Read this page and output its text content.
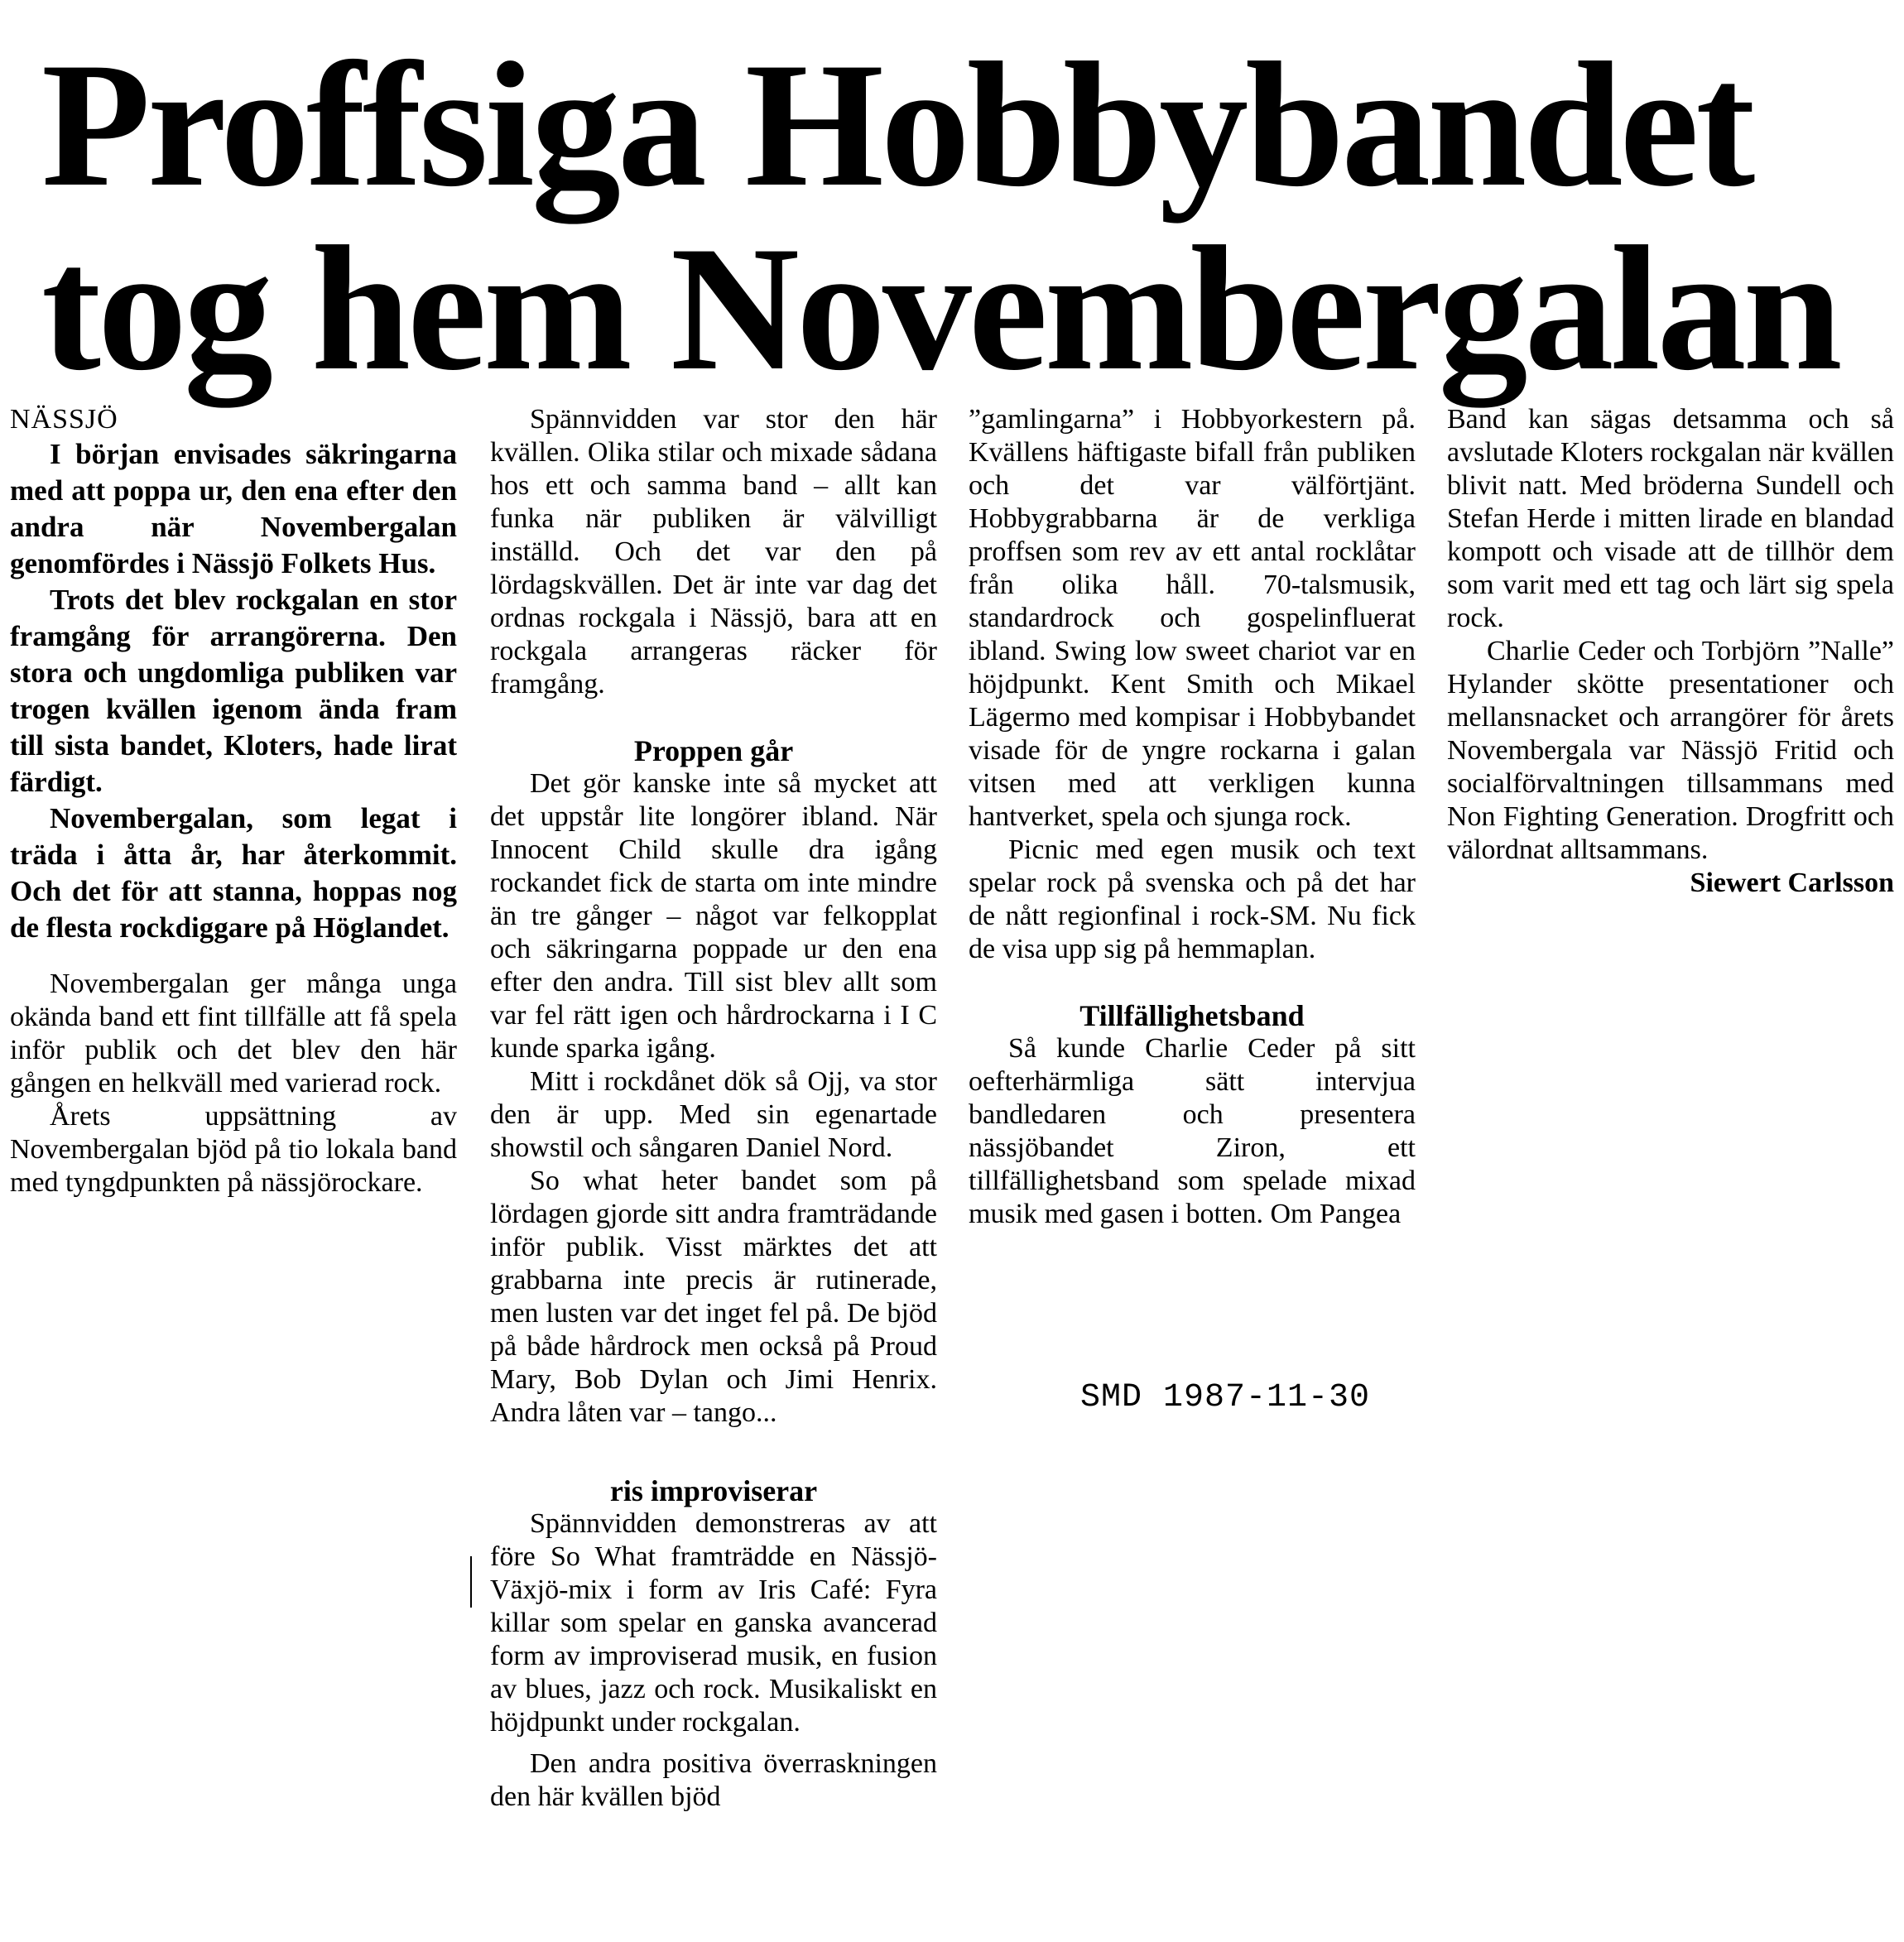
Proffsiga Hobbybandet
tog hem Novembergalan

NÄSSJÖ

I början envisades säkringarna med att poppa ur, den ena efter den andra när Novembergalan genomfördes i Nässjö Folkets Hus.

Trots det blev rockgalan en stor framgång för arrangörerna. Den stora och ungdomliga publiken var trogen kvällen igenom ända fram till sista bandet, Kloters, hade lirat färdigt.

Novembergalan, som legat i träda i åtta år, har återkommit. Och det för att stanna, hoppas nog de flesta rockdiggare på Höglandet.

Novembergalan ger många unga okända band ett fint tillfälle att få spela inför publik och det blev den här gången en helkväll med varierad rock.

Årets uppsättning av Novembergalan bjöd på tio lokala band med tyngdpunkten på nässjörockare.

Spännvidden var stor den här kvällen. Olika stilar och mixade sådana hos ett och samma band – allt kan funka när publiken är välvilligt inställd. Och det var den på lördagskvällen. Det är inte var dag det ordnas rockgala i Nässjö, bara att en rockgala arrangeras räcker för framgång.

Proppen går

Det gör kanske inte så mycket att det uppstår lite longörer ibland. När Innocent Child skulle dra igång rockandet fick de starta om inte mindre än tre gånger – något var felkopplat och säkringarna poppade ur den ena efter den andra. Till sist blev allt som var fel rätt igen och hårdrockarna i I C kunde sparka igång.

Mitt i rockdånet dök så Ojj, va stor den är upp. Med sin egenartade showstil och sångaren Daniel Nord.

So what heter bandet som på lördagen gjorde sitt andra framträdande inför publik. Visst märktes det att grabbarna inte precis är rutinerade, men lusten var det inget fel på. De bjöd på både hårdrock men också på Proud Mary, Bob Dylan och Jimi Henrix. Andra låten var – tango...

ris improviserar

Spännvidden demonstreras av att före So What framträdde en Nässjö-Växjö-mix i form av Iris Café: Fyra killar som spelar en ganska avancerad form av improviserad musik, en fusion av blues, jazz och rock. Musikaliskt en höjdpunkt under rockgalan.

Den andra positiva överraskningen den här kvällen bjöd

”gamlingarna” i Hobbyorkestern på. Kvällens häftigaste bifall från publiken och det var välförtjänt. Hobbygrabbarna är de verkliga proffsen som rev av ett antal rocklåtar från olika håll. 70-talsmusik, standardrock och gospelinfluerat ibland. Swing low sweet chariot var en höjdpunkt. Kent Smith och Mikael Lägermo med kompisar i Hobbybandet visade för de yngre rockarna i galan vitsen med att verkligen kunna hantverket, spela och sjunga rock.

Picnic med egen musik och text spelar rock på svenska och på det har de nått regionfinal i rock-SM. Nu fick de visa upp sig på hemmaplan.

Tillfällighetsband

Så kunde Charlie Ceder på sitt oefterhärmliga sätt intervjua bandledaren och presentera nässjöbandet Ziron, ett tillfällighetsband som spelade mixad musik med gasen i botten. Om Pangea

Band kan sägas detsamma och så avslutade Kloters rockgalan när kvällen blivit natt. Med bröderna Sundell och Stefan Herde i mitten lirade en blandad kompott och visade att de tillhör dem som varit med ett tag och lärt sig spela rock.

Charlie Ceder och Torbjörn ”Nalle” Hylander skötte presentationer och mellansnacket och arrangörer för årets Novembergala var Nässjö Fritid och socialförvaltningen tillsammans med Non Fighting Generation. Drogfritt och välordnat alltsammans.

Siewert Carlsson

SMD 1987-11-30
